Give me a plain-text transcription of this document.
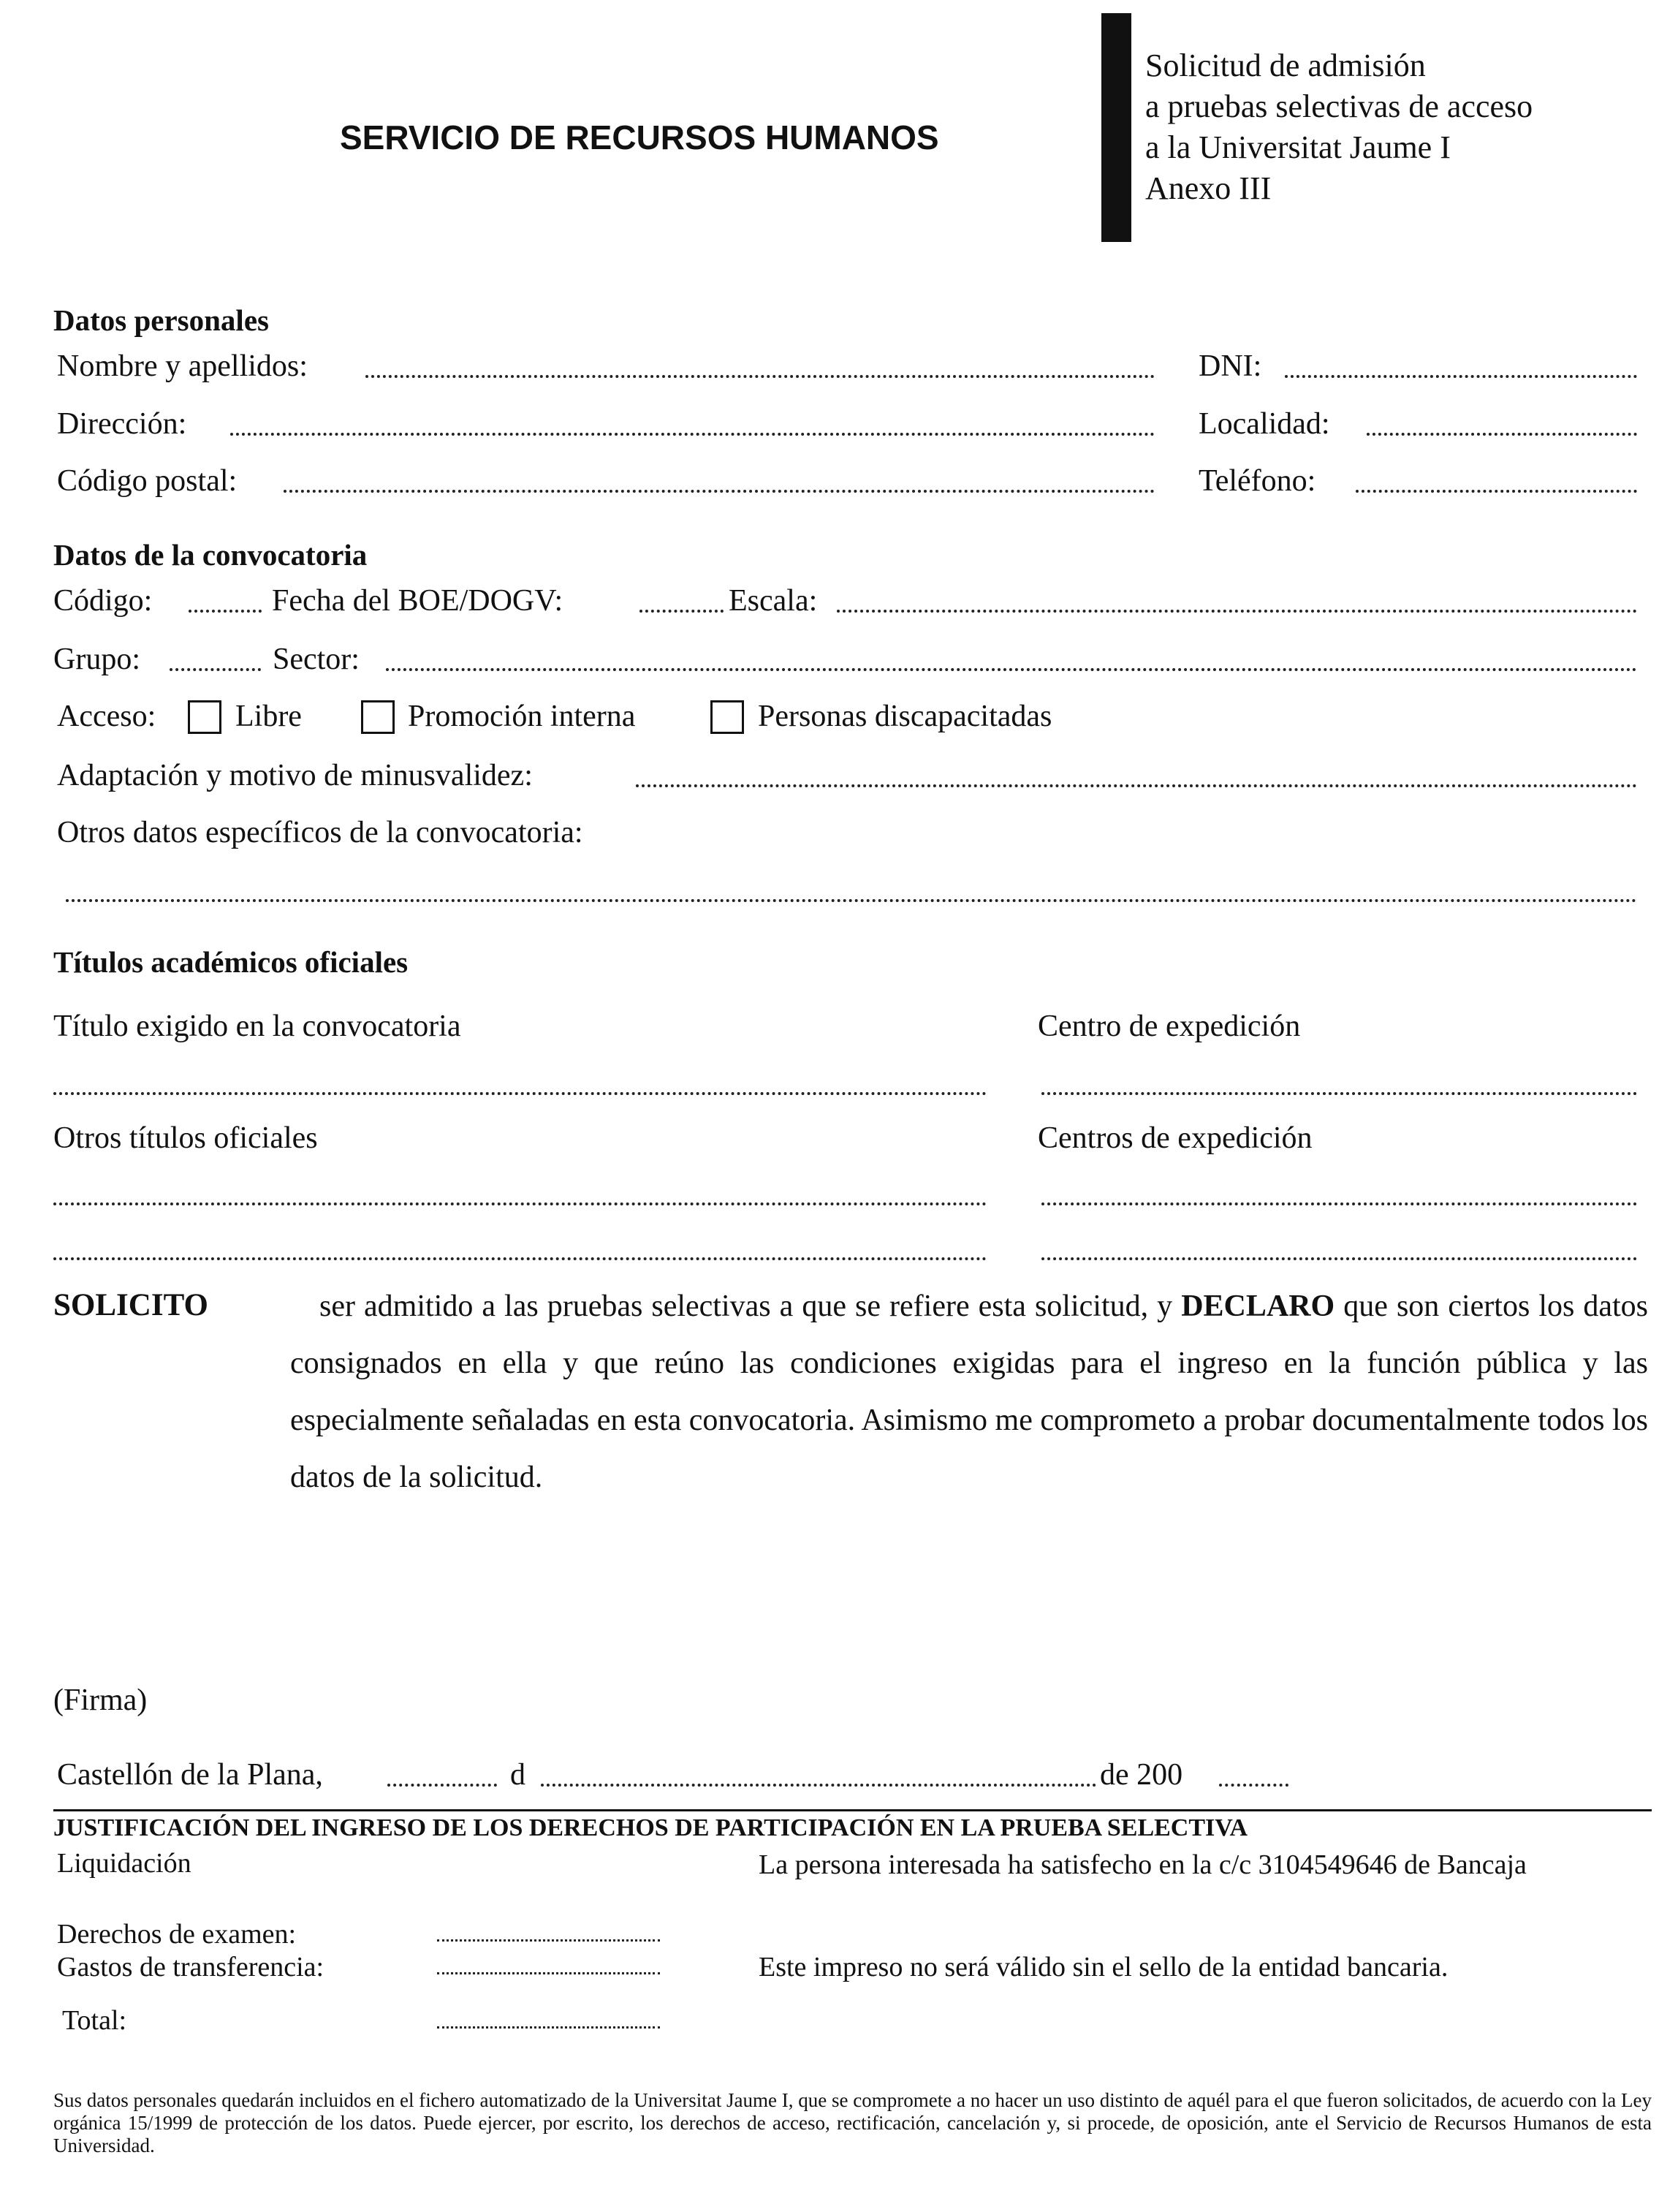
SERVICIO DE RECURSOS HUMANOS
Solicitud de admisión
a pruebas selectivas de acceso
a la Universitat Jaume I
Anexo III
Datos personales
Nombre y apellidos:	DNI:
Dirección:	Localidad:
Código postal:	Teléfono:
Datos de la convocatoria
Código:	Fecha del BOE/DOGV:	Escala:
Grupo:	Sector:
Acceso:	Libre	Promoción interna	Personas discapacitadas
Adaptación y motivo de minusvalidez:
Otros datos específicos de la convocatoria:
Títulos académicos oficiales
Título exigido en la convocatoria	Centro de expedición
Otros títulos oficiales	Centros de expedición
SOLICITO	ser admitido a las pruebas selectivas a que se refiere esta solicitud, y DECLARO que son ciertos los datos consignados en ella y que reúno las condiciones exigidas para el ingreso en la función pública y las especialmente señaladas en esta convocatoria. Asimismo me comprometo a probar documentalmente todos los datos de la solicitud.
(Firma)
Castellón de la Plana,	d	de 200
JUSTIFICACIÓN DEL INGRESO DE LOS DERECHOS DE PARTICIPACIÓN EN LA PRUEBA SELECTIVA
Liquidación	La persona interesada ha satisfecho en la c/c 3104549646 de Bancaja
Derechos de examen:
Gastos de transferencia:	Este impreso no será válido sin el sello de la entidad bancaria.
Total:
Sus datos personales quedarán incluidos en el fichero automatizado de la Universitat Jaume I, que se compromete a no hacer un uso distinto de aquél para el que fueron solicitados, de acuerdo con la Ley orgánica 15/1999 de protección de los datos. Puede ejercer, por escrito, los derechos de acceso, rectificación, cancelación y, si procede, de oposición, ante el Servicio de Recursos Humanos de esta Universidad.
